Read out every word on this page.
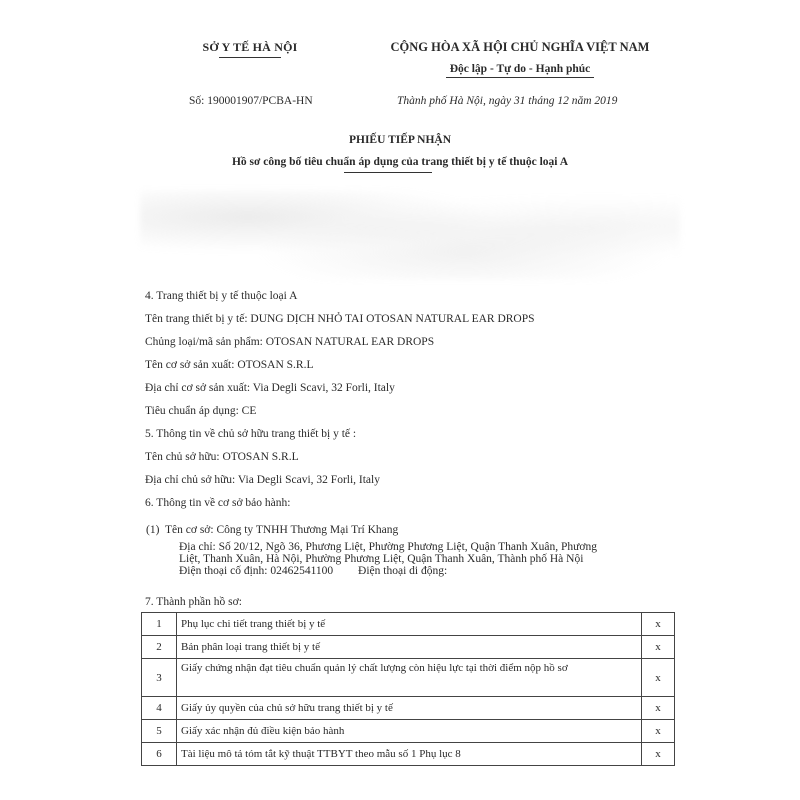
SỞ Y TẾ HÀ NỘI	CỘNG HÒA XÃ HỘI CHỦ NGHĨA VIỆT NAM
Độc lập - Tự do - Hạnh phúc
Số: 190001907/PCBA-HN	Thành phố Hà Nội, ngày 31 tháng 12 năm 2019
PHIẾU TIẾP NHẬN
Hồ sơ công bố tiêu chuẩn áp dụng của trang thiết bị y tế thuộc loại A
4. Trang thiết bị y tế thuộc loại A
Tên trang thiết bị y tế: DUNG DỊCH NHỎ TAI OTOSAN NATURAL EAR DROPS
Chủng loại/mã sản phẩm: OTOSAN NATURAL EAR DROPS
Tên cơ sở sản xuất: OTOSAN S.R.L
Địa chỉ cơ sở sản xuất: Via Degli Scavi, 32 Forli, Italy
Tiêu chuẩn áp dụng: CE
5. Thông tin về chủ sở hữu trang thiết bị y tế :
Tên chủ sở hữu: OTOSAN S.R.L
Địa chỉ chủ sở hữu: Via Degli Scavi, 32 Forli, Italy
6. Thông tin về cơ sở bảo hành:
(1) Tên cơ sở: Công ty TNHH Thương Mại Trí Khang
Địa chỉ: Số 20/12, Ngõ 36, Phương Liệt, Phường Phương Liệt, Quận Thanh Xuân, Phương
Liệt, Thanh Xuân, Hà Nội, Phường Phương Liệt, Quận Thanh Xuân, Thành phố Hà Nội
Điện thoại cố định: 02462541100 Điện thoại di động:
7. Thành phần hồ sơ:
1	Phụ lục chi tiết trang thiết bị y tế	x
2	Bản phân loại trang thiết bị y tế	x
3	Giấy chứng nhận đạt tiêu chuẩn quản lý chất lượng còn hiệu lực tại thời điểm nộp hồ sơ	x
4	Giấy ủy quyền của chủ sở hữu trang thiết bị y tế	x
5	Giấy xác nhận đủ điều kiện bảo hành	x
6	Tài liệu mô tả tóm tắt kỹ thuật TTBYT theo mẫu số 1 Phụ lục 8	x
